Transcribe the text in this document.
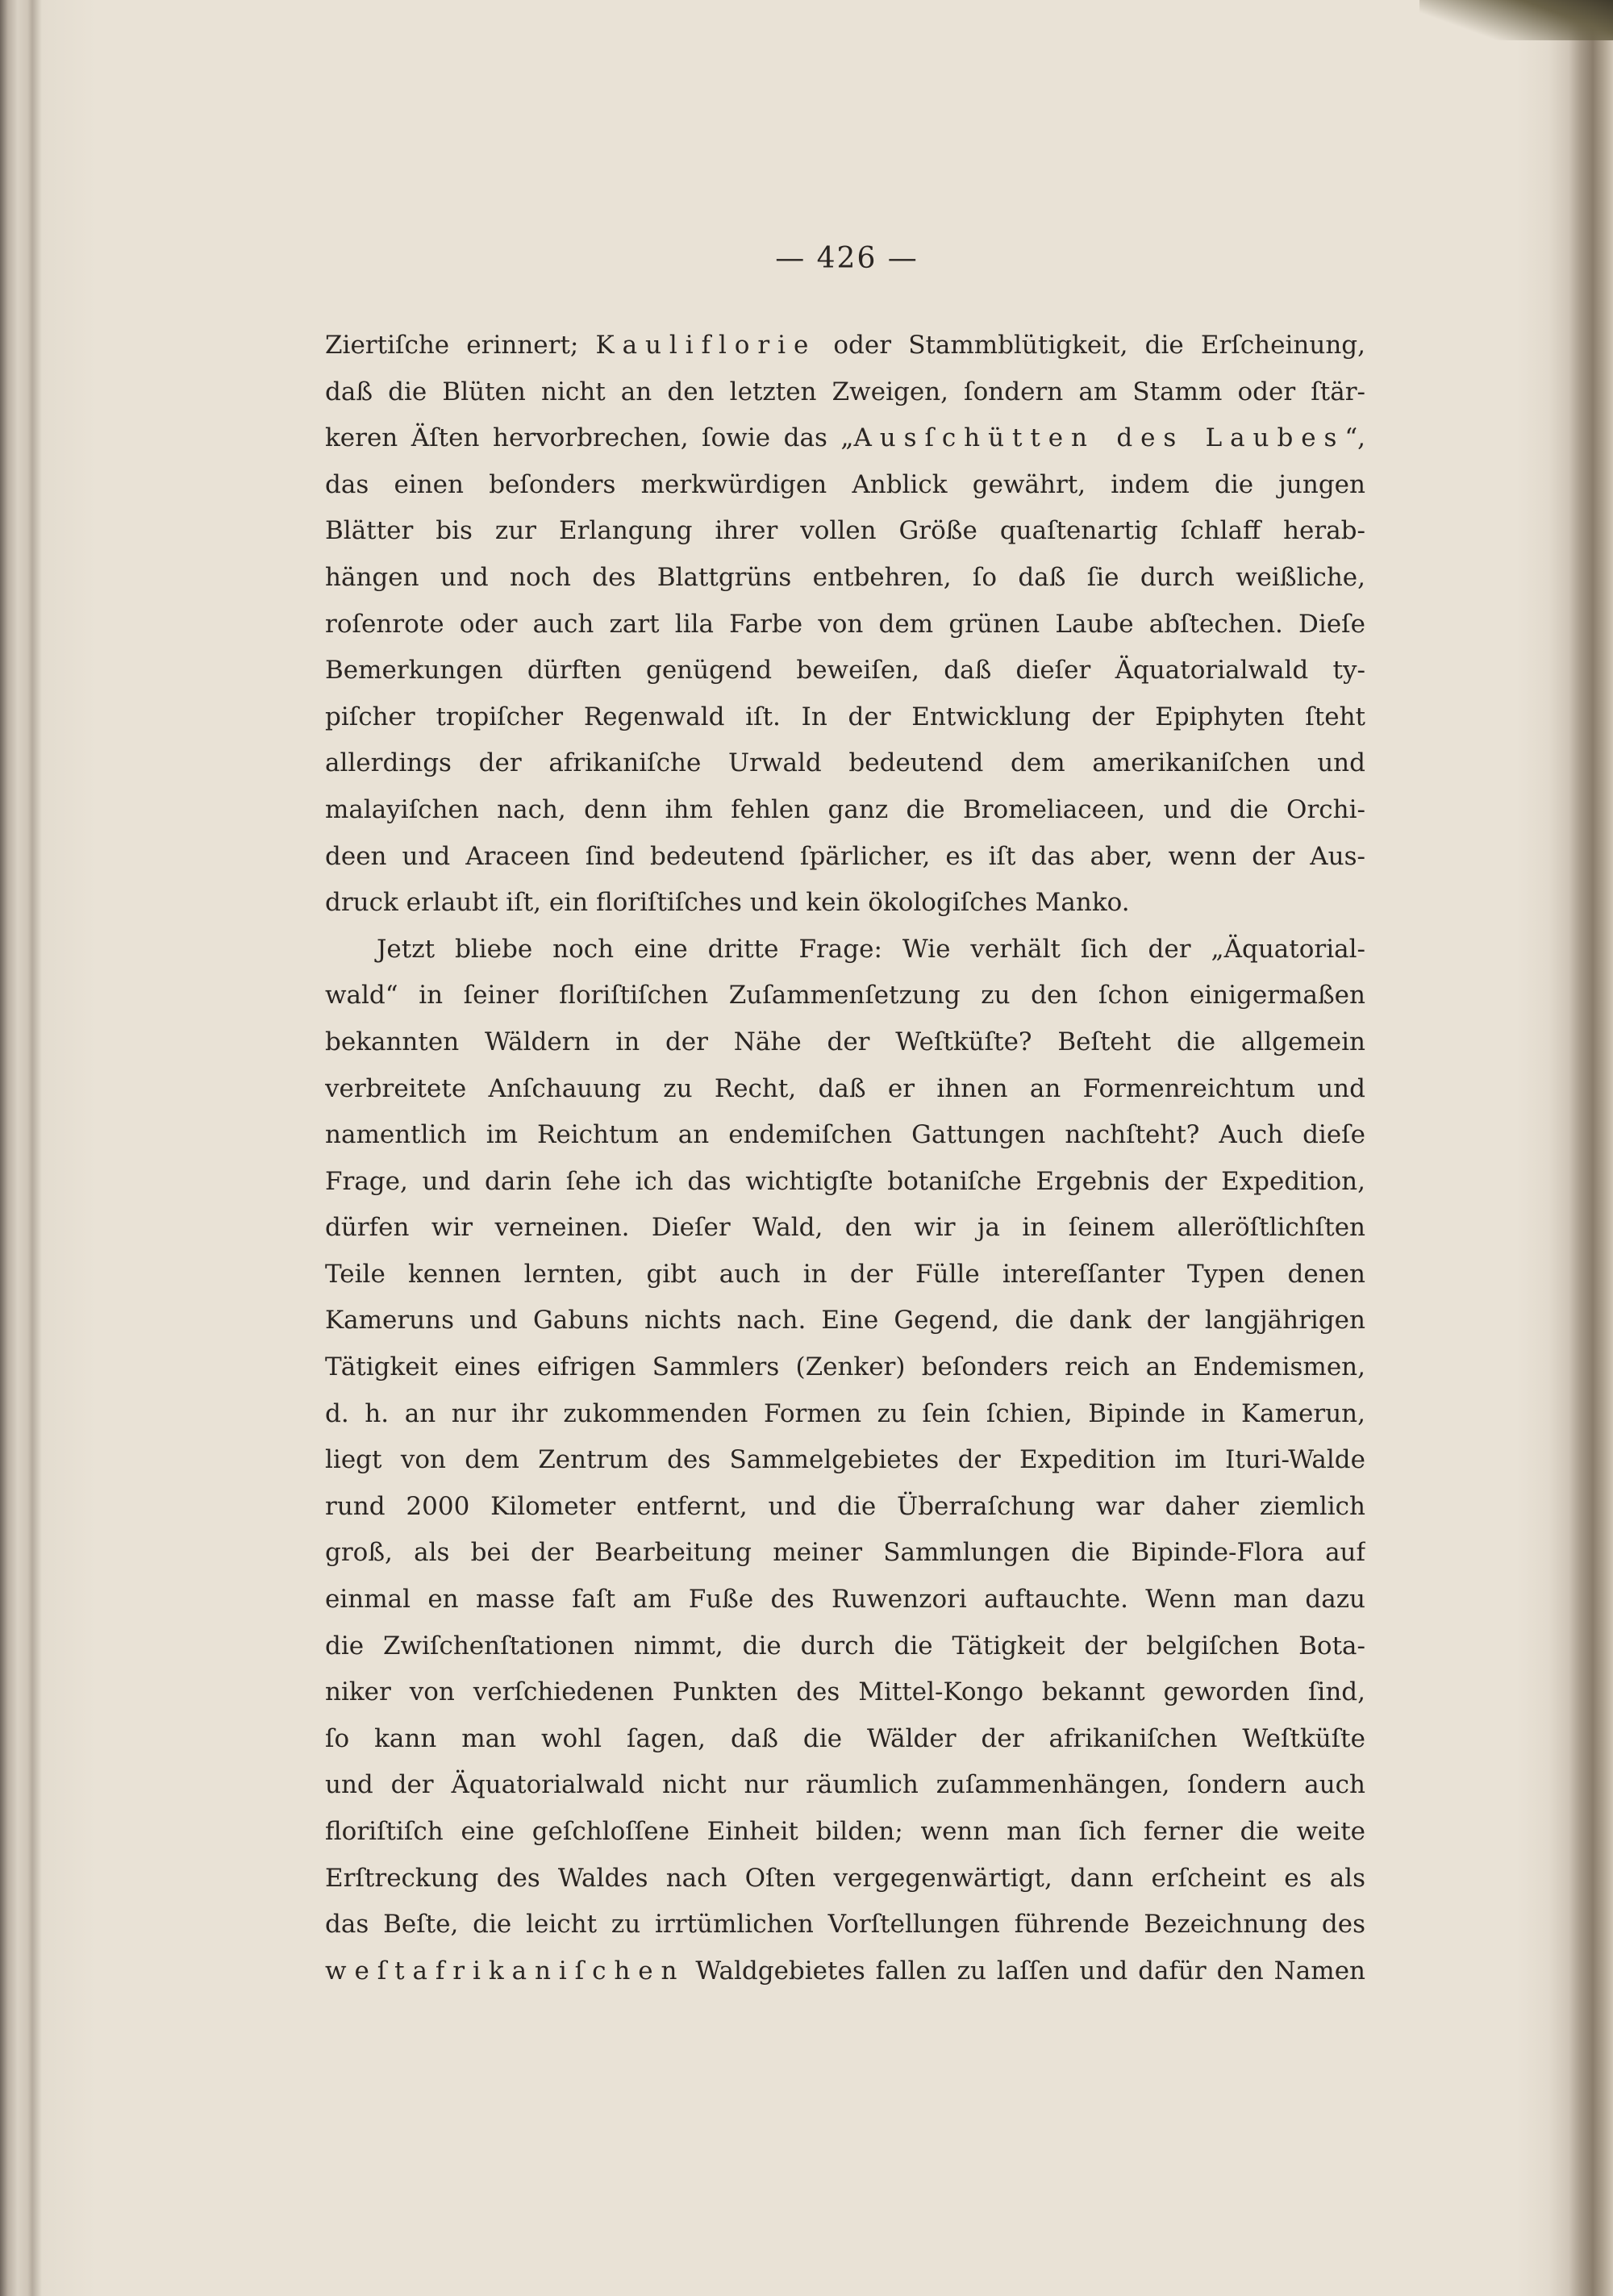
— 426 —
Ziertiſche erinnert; Kauliflorie oder Stammblütigkeit, die Erſcheinung,
daß die Blüten nicht an den letzten Zweigen, ſondern am Stamm oder ſtär-
keren Äſten hervorbrechen, ſowie das „Ausſchütten des Laubes“,
das einen beſonders merkwürdigen Anblick gewährt, indem die jungen
Blätter bis zur Erlangung ihrer vollen Größe quaſtenartig ſchlaff herab-
hängen und noch des Blattgrüns entbehren, ſo daß ſie durch weißliche,
roſenrote oder auch zart lila Farbe von dem grünen Laube abſtechen. Dieſe
Bemerkungen dürften genügend beweiſen, daß dieſer Äquatorialwald ty-
piſcher tropiſcher Regenwald iſt. In der Entwicklung der Epiphyten ſteht
allerdings der afrikaniſche Urwald bedeutend dem amerikaniſchen und
malayiſchen nach, denn ihm fehlen ganz die Bromeliaceen, und die Orchi-
deen und Araceen ſind bedeutend ſpärlicher, es iſt das aber, wenn der Aus-
druck erlaubt iſt, ein floriſtiſches und kein ökologiſches Manko.
Jetzt bliebe noch eine dritte Frage: Wie verhält ſich der „Äquatorial-
wald“ in ſeiner floriſtiſchen Zuſammenſetzung zu den ſchon einigermaßen
bekannten Wäldern in der Nähe der Weſtküſte? Beſteht die allgemein
verbreitete Anſchauung zu Recht, daß er ihnen an Formenreichtum und
namentlich im Reichtum an endemiſchen Gattungen nachſteht? Auch dieſe
Frage, und darin ſehe ich das wichtigſte botaniſche Ergebnis der Expedition,
dürfen wir verneinen. Dieſer Wald, den wir ja in ſeinem alleröſtlichſten
Teile kennen lernten, gibt auch in der Fülle intereſſanter Typen denen
Kameruns und Gabuns nichts nach. Eine Gegend, die dank der langjährigen
Tätigkeit eines eifrigen Sammlers (Zenker) beſonders reich an Endemismen,
d. h. an nur ihr zukommenden Formen zu ſein ſchien, Bipinde in Kamerun,
liegt von dem Zentrum des Sammelgebietes der Expedition im Ituri-Walde
rund 2000 Kilometer entfernt, und die Überraſchung war daher ziemlich
groß, als bei der Bearbeitung meiner Sammlungen die Bipinde-Flora auf
einmal en masse faſt am Fuße des Ruwenzori auftauchte. Wenn man dazu
die Zwiſchenſtationen nimmt, die durch die Tätigkeit der belgiſchen Bota-
niker von verſchiedenen Punkten des Mittel-Kongo bekannt geworden ſind,
ſo kann man wohl ſagen, daß die Wälder der afrikaniſchen Weſtküſte
und der Äquatorialwald nicht nur räumlich zuſammenhängen, ſondern auch
floriſtiſch eine geſchloſſene Einheit bilden; wenn man ſich ferner die weite
Erſtreckung des Waldes nach Oſten vergegenwärtigt, dann erſcheint es als
das Beſte, die leicht zu irrtümlichen Vorſtellungen führende Bezeichnung des
weſtafrikaniſchen Waldgebietes fallen zu laſſen und dafür den Namen
